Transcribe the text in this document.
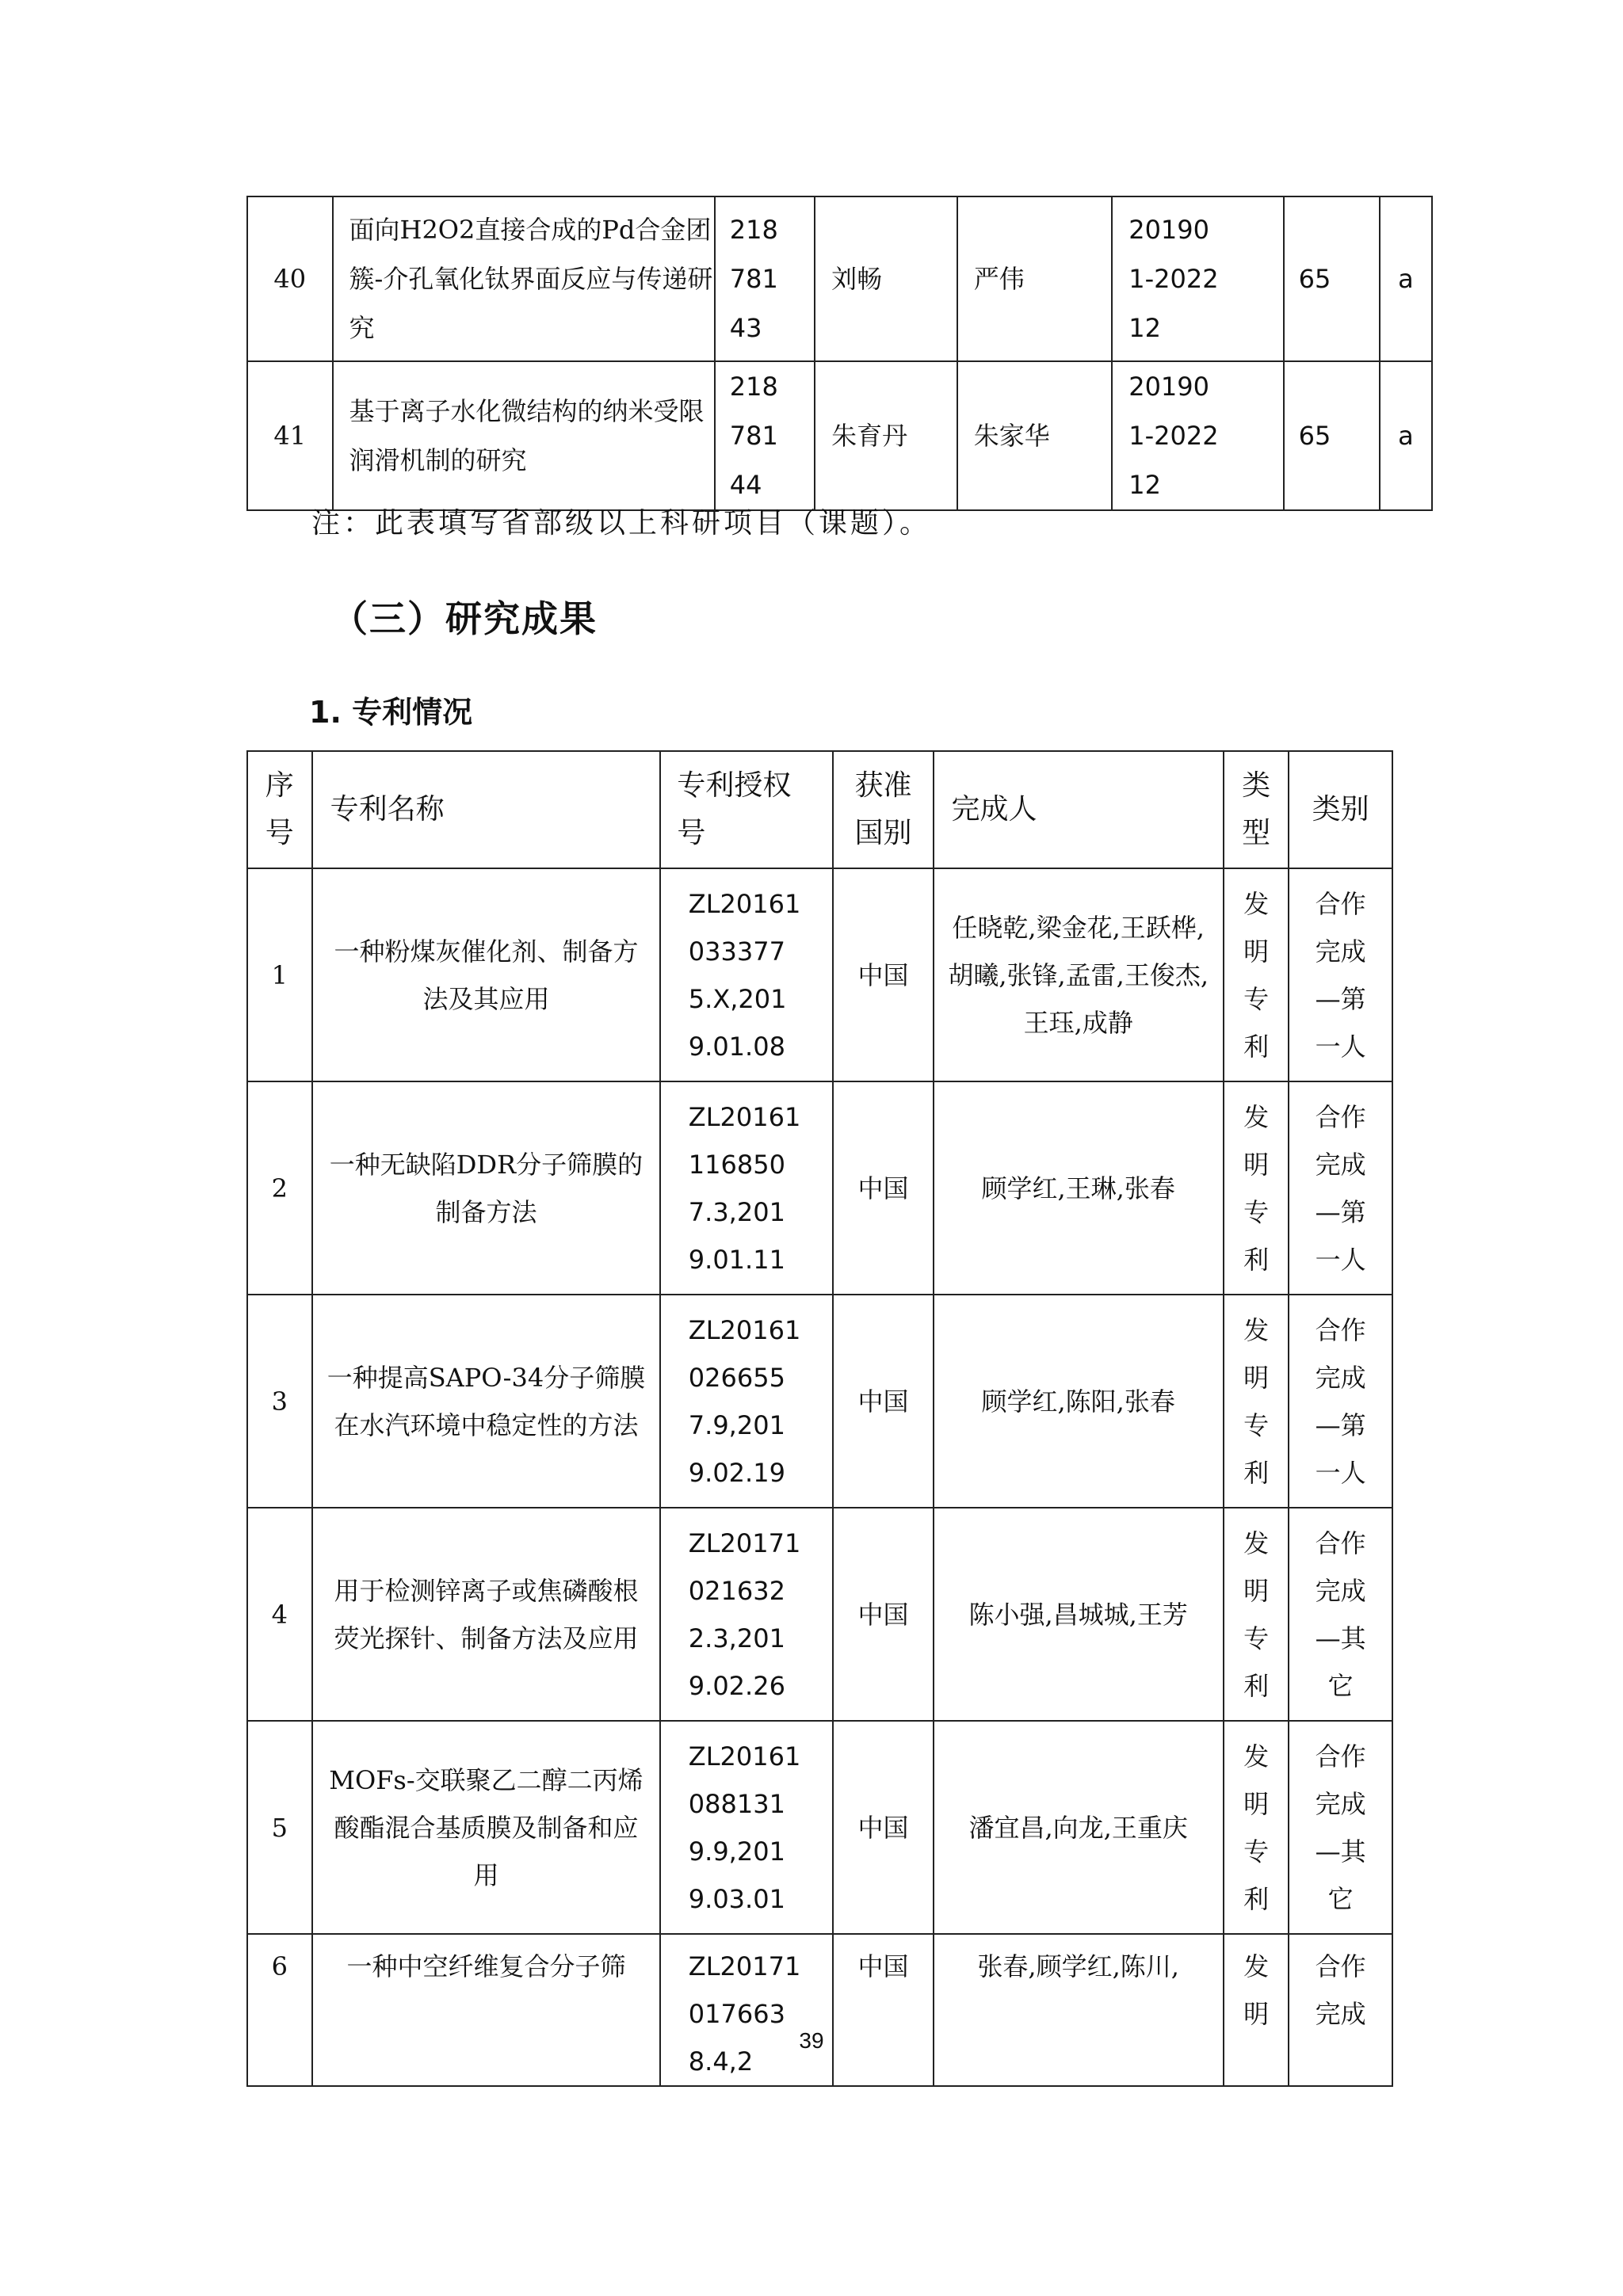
40	面向H2O2直接合成的Pd合金团簇-介孔氧化钛界面反应与传递研究	21878143	刘畅	严伟	201901-202212	65	a
41	基于离子水化微结构的纳米受限润滑机制的研究	21878144	朱育丹	朱家华	201901-202212	65	a
注：此表填写省部级以上科研项目（课题）。
（三）研究成果
1. 专利情况
序号	专利名称	专利授权号	获准国别	完成人	类型	类别
1	一种粉煤灰催化剂、制备方法及其应用	ZL201610333775.X,2019.01.08	中国	任晓乾,梁金花,王跃桦,胡曦,张锋,孟雷,王俊杰,王珏,成静	发明专利	合作完成—第一人
2	一种无缺陷DDR分子筛膜的制备方法	ZL201611168507.3,2019.01.11	中国	顾学红,王琳,张春	发明专利	合作完成—第一人
3	一种提高SAPO-34分子筛膜在水汽环境中稳定性的方法	ZL201610266557.9,2019.02.19	中国	顾学红,陈阳,张春	发明专利	合作完成—第一人
4	用于检测锌离子或焦磷酸根荧光探针、制备方法及应用	ZL201710216322.3,2019.02.26	中国	陈小强,昌城城,王芳	发明专利	合作完成—其它
5	MOFs-交联聚乙二醇二丙烯酸酯混合基质膜及制备和应用	ZL201610881319.9,2019.03.01	中国	潘宜昌,向龙,王重庆	发明专利	合作完成—其它
6	一种中空纤维复合分子筛	ZL201710176638.4,2	中国	张春,顾学红,陈川,	发明	合作完成
39
